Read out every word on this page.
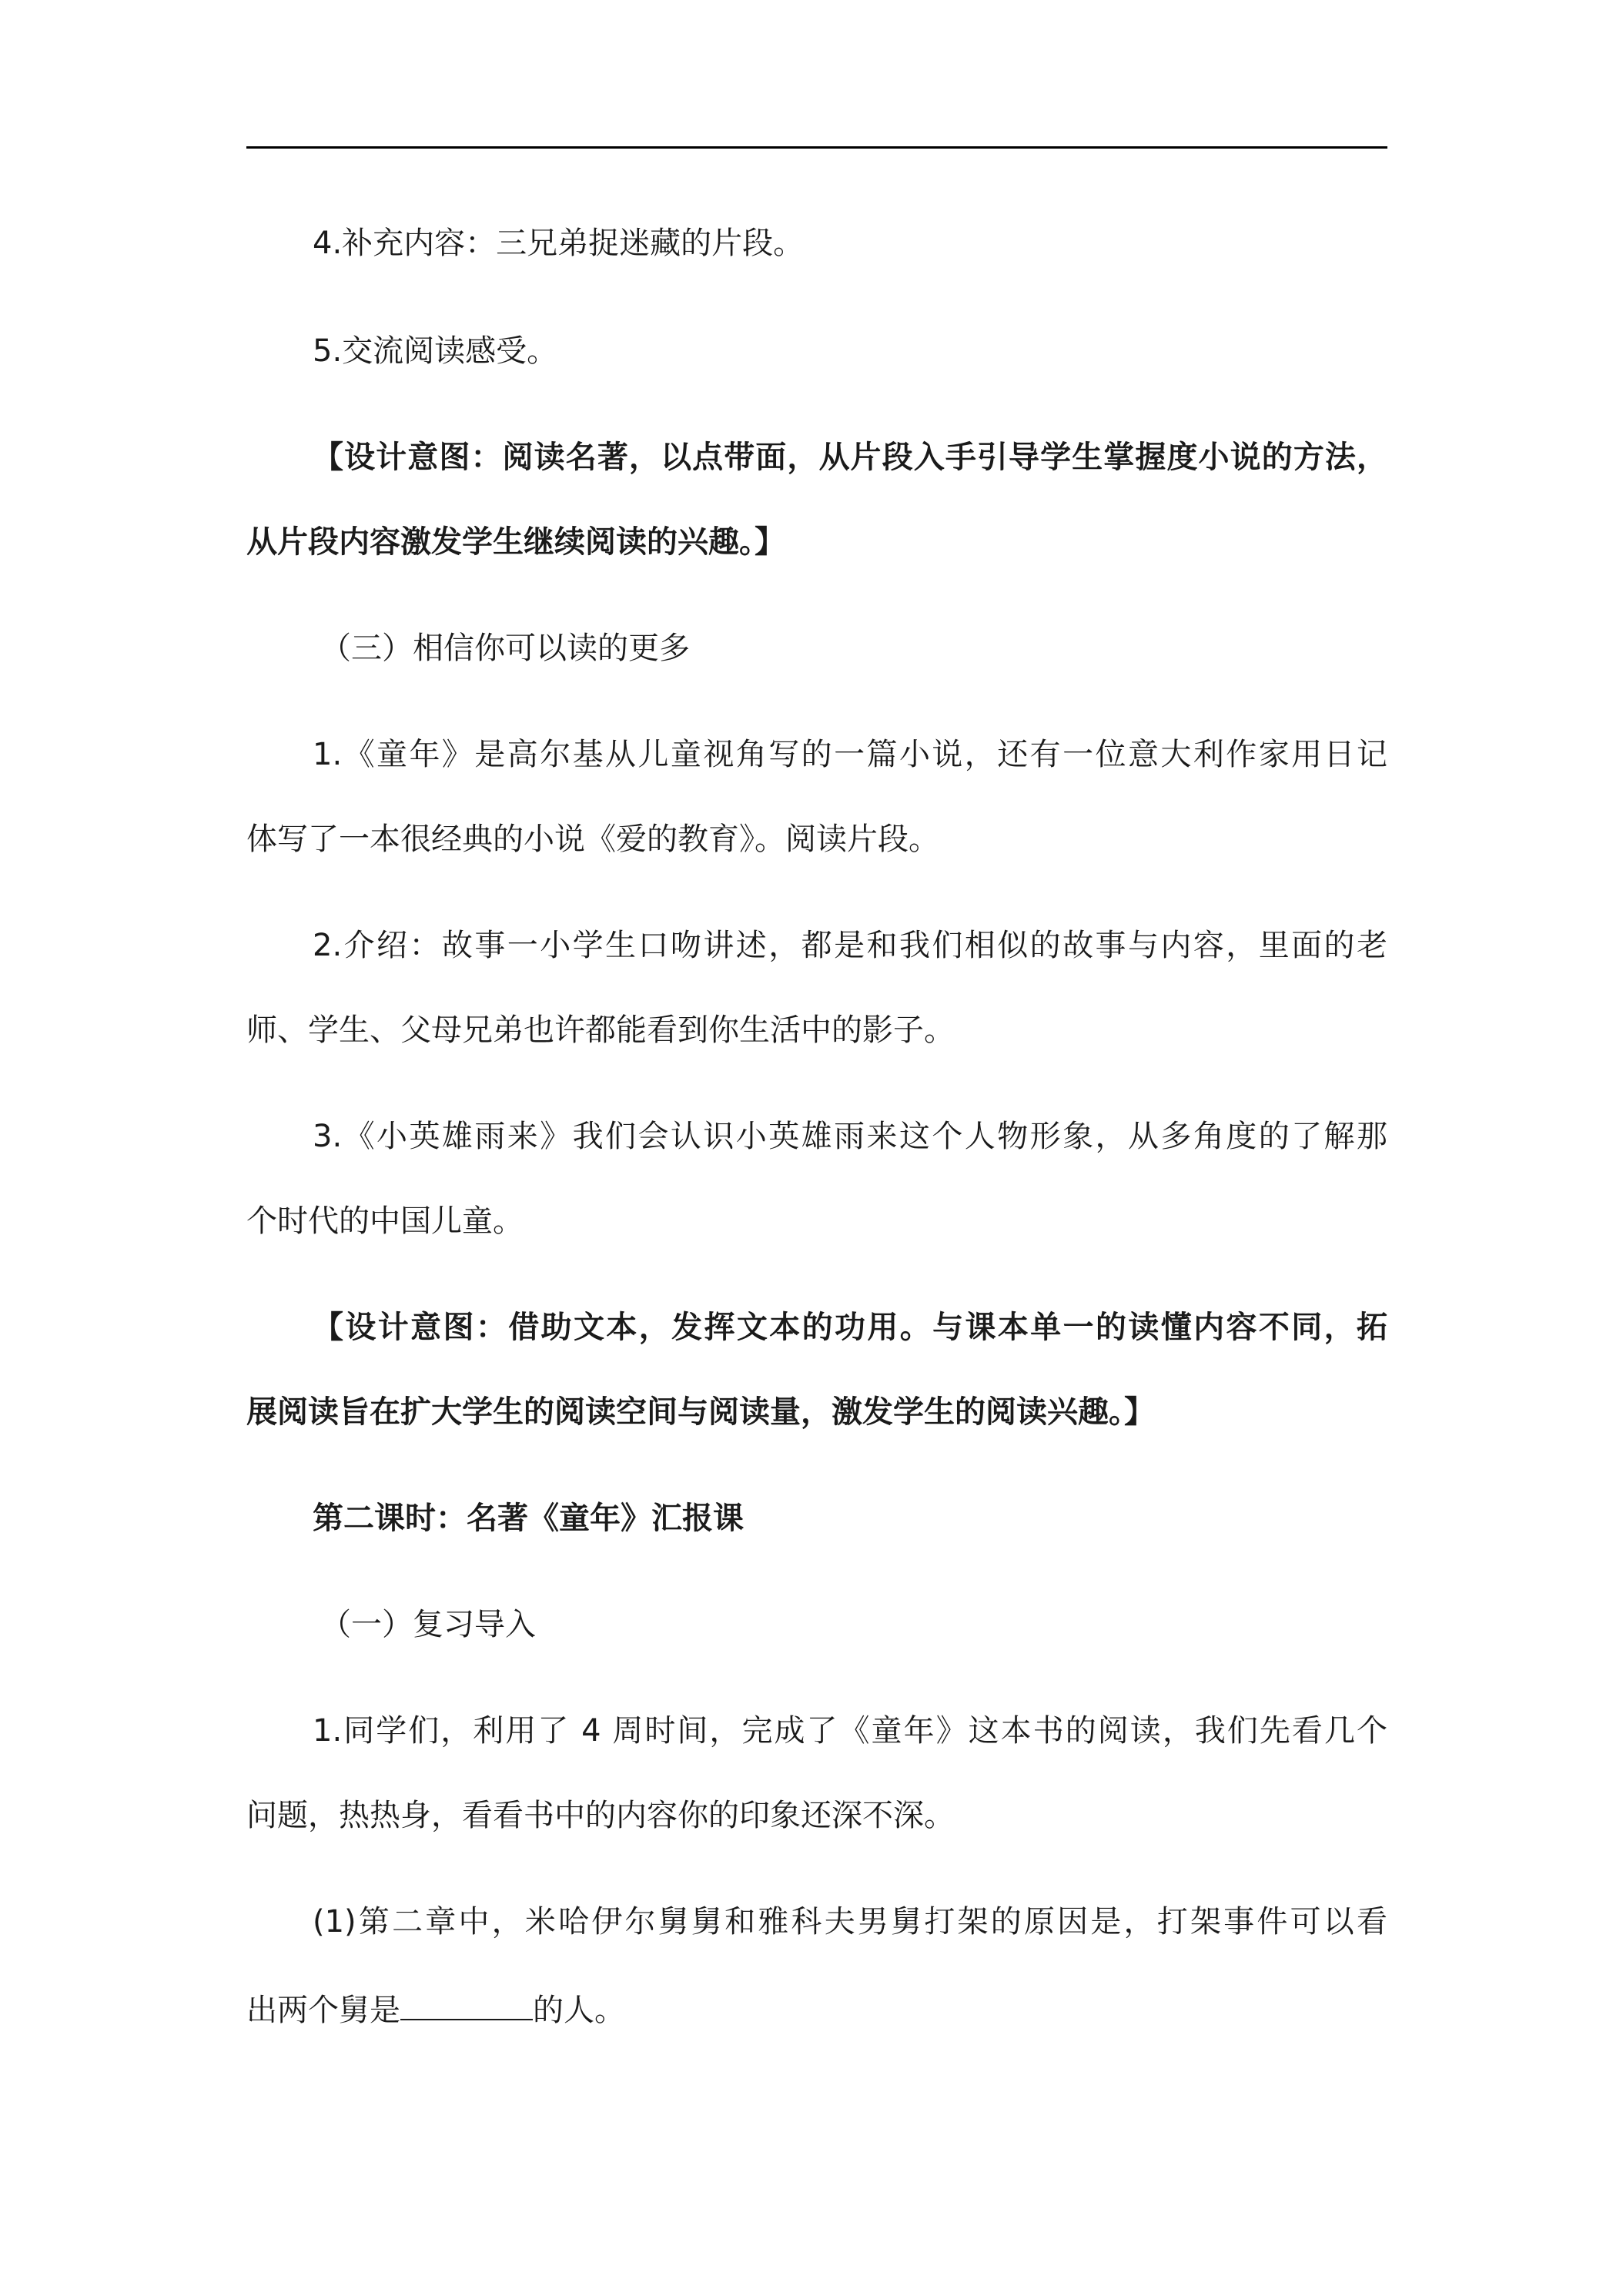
4.补充内容：三兄弟捉迷藏的片段。
5.交流阅读感受。
【设计意图：阅读名著，以点带面，从片段入手引导学生掌握度小说的方法，
从片段内容激发学生继续阅读的兴趣。】
（三）相信你可以读的更多
1.《童年》是高尔基从儿童视角写的一篇小说，还有一位意大利作家用日记
体写了一本很经典的小说《爱的教育》。阅读片段。
2.介绍：故事一小学生口吻讲述，都是和我们相似的故事与内容，里面的老
师、学生、父母兄弟也许都能看到你生活中的影子。
3.《小英雄雨来》我们会认识小英雄雨来这个人物形象，从多角度的了解那
个时代的中国儿童。
【设计意图：借助文本，发挥文本的功用。与课本单一的读懂内容不同，拓
展阅读旨在扩大学生的阅读空间与阅读量，激发学生的阅读兴趣。】
第二课时：名著《童年》汇报课
（一）复习导入
1.同学们，利用了 4 周时间，完成了《童年》这本书的阅读，我们先看几个
问题，热热身，看看书中的内容你的印象还深不深。
(1)第二章中，米哈伊尔舅舅和雅科夫男舅打架的原因是，打架事件可以看
出两个舅是	的人。
